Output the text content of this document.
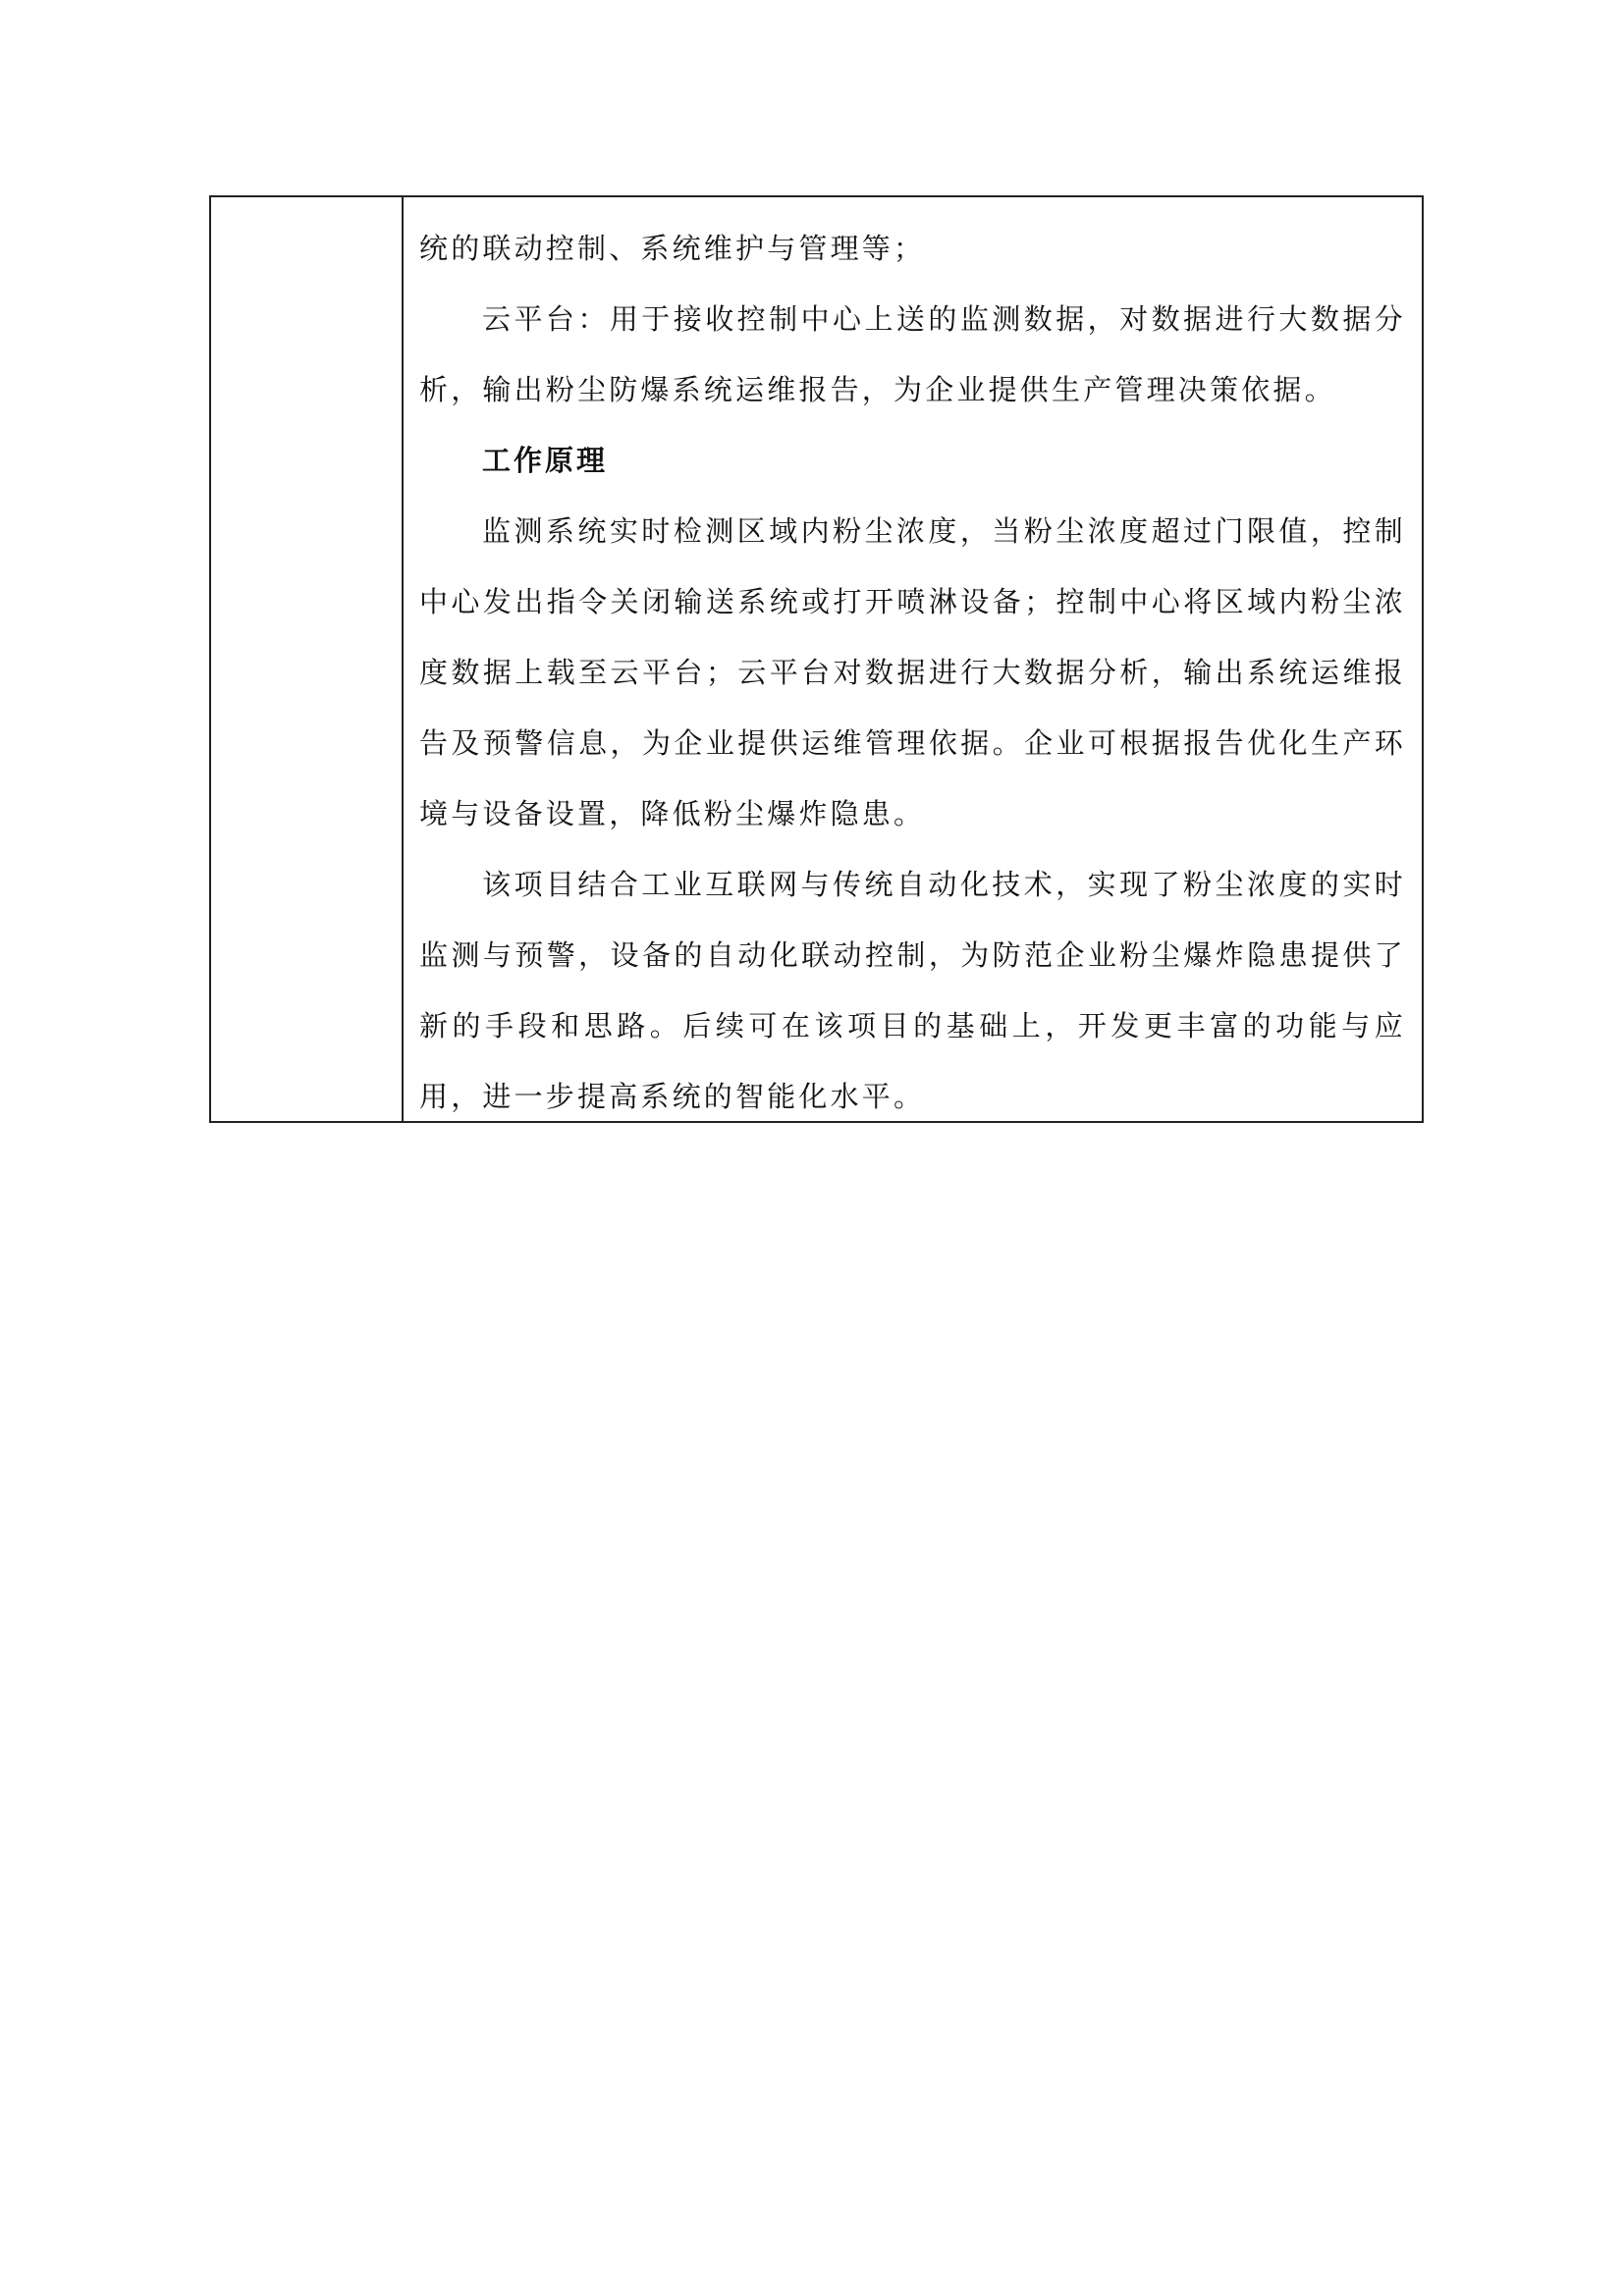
统的联动控制、系统维护与管理等；

云平台：用于接收控制中心上送的监测数据，对数据进行大数据分析，输出粉尘防爆系统运维报告，为企业提供生产管理决策依据。

工作原理

监测系统实时检测区域内粉尘浓度，当粉尘浓度超过门限值，控制中心发出指令关闭输送系统或打开喷淋设备；控制中心将区域内粉尘浓度数据上载至云平台；云平台对数据进行大数据分析，输出系统运维报告及预警信息，为企业提供运维管理依据。企业可根据报告优化生产环境与设备设置，降低粉尘爆炸隐患。

该项目结合工业互联网与传统自动化技术，实现了粉尘浓度的实时监测与预警，设备的自动化联动控制，为防范企业粉尘爆炸隐患提供了新的手段和思路。后续可在该项目的基础上，开发更丰富的功能与应用，进一步提高系统的智能化水平。
